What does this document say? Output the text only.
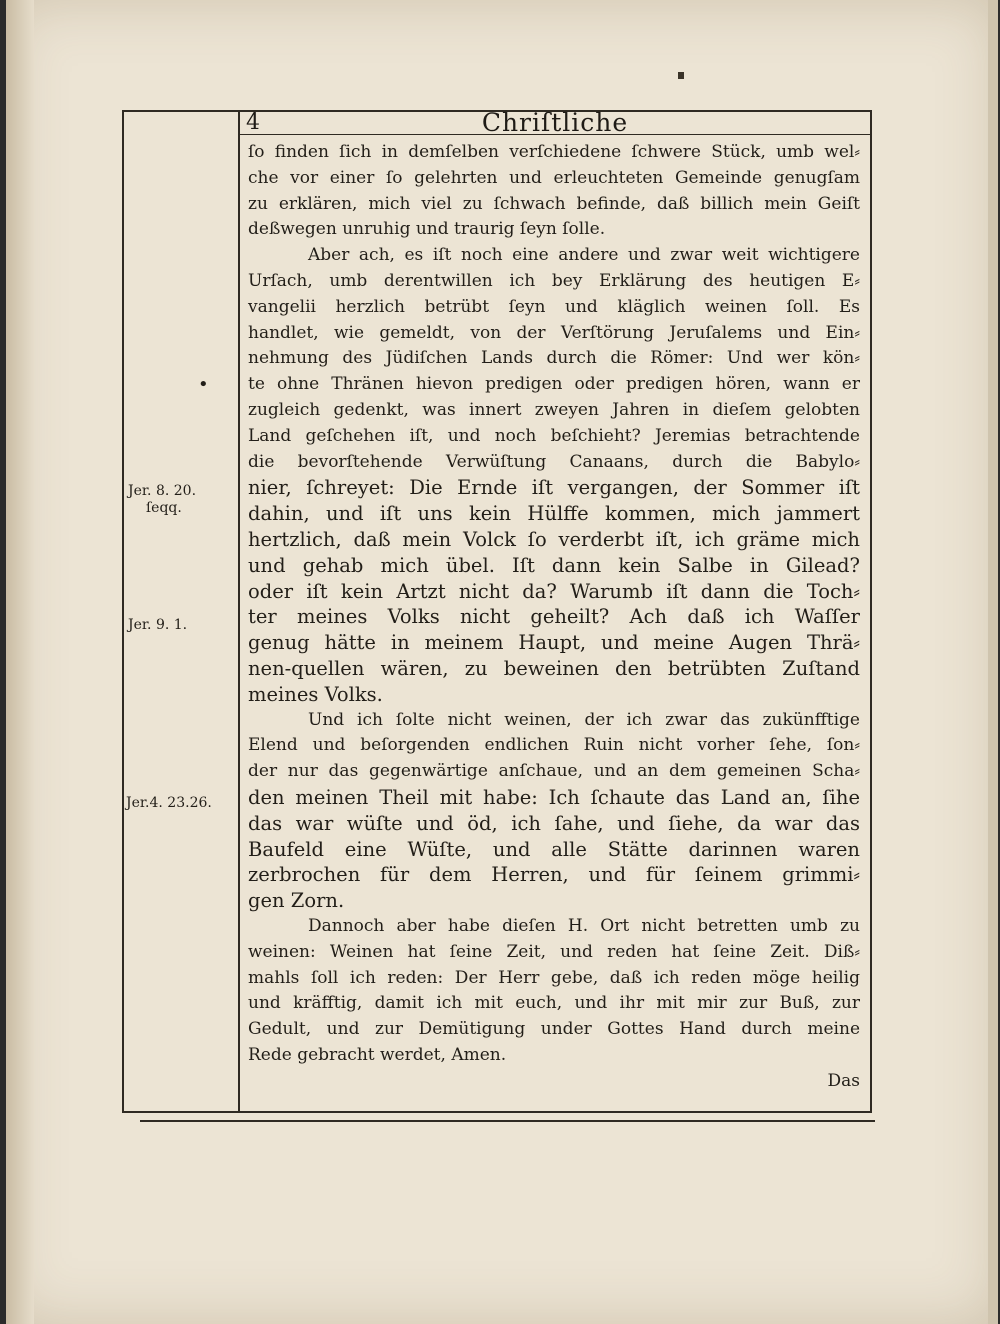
4	Chriſtliche
•
Jer. 8. 20.
ſeqq.
Jer. 9. 1.
Jer.4. 23.26.
ſo finden ſich in demſelben verſchiedene ſchwere Stück, umb wel⸗
che vor einer ſo gelehrten und erleuchteten Gemeinde genugſam
zu erklären, mich viel zu ſchwach befinde, daß billich mein Geiſt
deßwegen unruhig und traurig ſeyn ſolle.
Aber ach, es iſt noch eine andere und zwar weit wichtigere
Urſach, umb derentwillen ich bey Erklärung des heutigen E⸗
vangelii herzlich betrübt ſeyn und kläglich weinen ſoll. Es
handlet, wie gemeldt, von der Verſtörung Jeruſalems und Ein⸗
nehmung des Jüdiſchen Lands durch die Römer: Und wer kön⸗
te ohne Thränen hievon predigen oder predigen hören, wann er
zugleich gedenkt, was innert zweyen Jahren in dieſem gelobten
Land geſchehen iſt, und noch beſchieht? Jeremias betrachtende
die bevorſtehende Verwüſtung Canaans, durch die Babylo⸗
nier, ſchreyet: Die Ernde iſt vergangen, der Sommer iſt
dahin, und iſt uns kein Hülffe kommen, mich jammert
hertzlich, daß mein Volck ſo verderbt iſt, ich gräme mich
und gehab mich übel. Iſt dann kein Salbe in Gilead?
oder iſt kein Artzt nicht da? Warumb iſt dann die Toch⸗
ter meines Volks nicht geheilt? Ach daß ich Waſſer
genug hätte in meinem Haupt, und meine Augen Thrä⸗
nen-quellen wären, zu beweinen den betrübten Zuſtand
meines Volks.
Und ich ſolte nicht weinen, der ich zwar das zukünfftige
Elend und beſorgenden endlichen Ruin nicht vorher ſehe, ſon⸗
der nur das gegenwärtige anſchaue, und an dem gemeinen Scha⸗
den meinen Theil mit habe: Ich ſchaute das Land an, ſihe
das war wüſte und öd, ich ſahe, und ſiehe, da war das
Baufeld eine Wüſte, und alle Stätte darinnen waren
zerbrochen für dem Herren, und für ſeinem grimmi⸗
gen Zorn.
Dannoch aber habe dieſen H. Ort nicht betretten umb zu
weinen: Weinen hat ſeine Zeit, und reden hat ſeine Zeit. Diß⸗
mahls ſoll ich reden: Der Herr gebe, daß ich reden möge heilig
und kräfftig, damit ich mit euch, und ihr mit mir zur Buß, zur
Gedult, und zur Demütigung under Gottes Hand durch meine
Rede gebracht werdet, Amen.
Das
